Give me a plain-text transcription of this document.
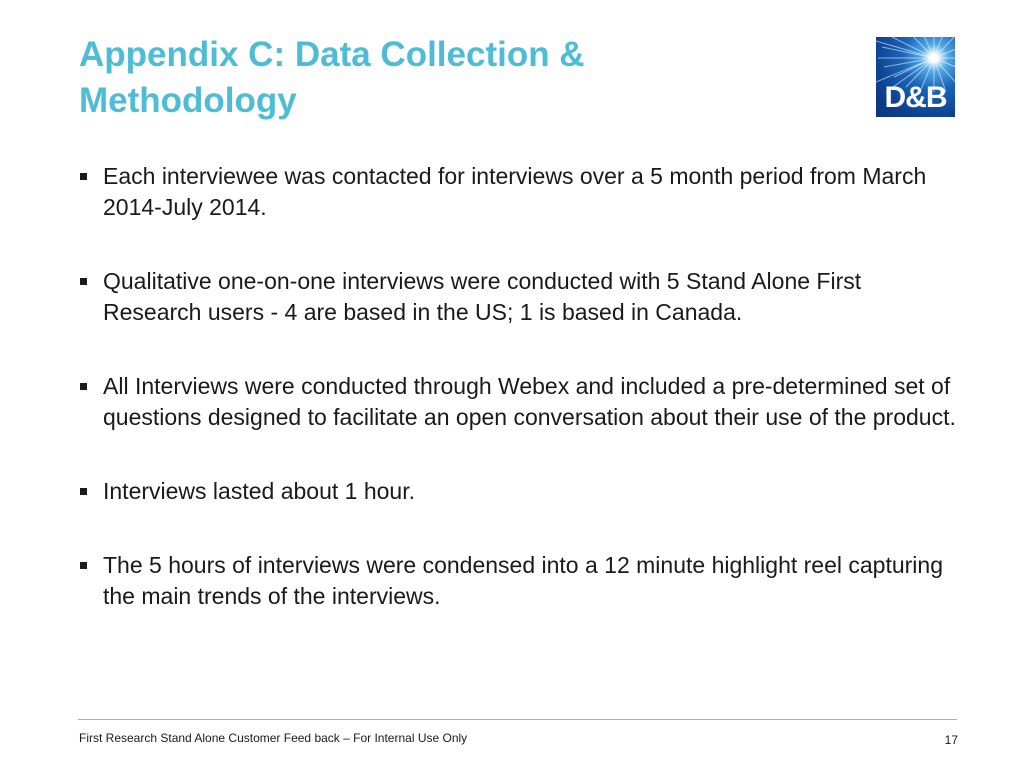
Appendix C: Data Collection & Methodology	D&B
Each interviewee was contacted for interviews over a 5 month period from March 2014-July 2014.
Qualitative one-on-one interviews were conducted with 5 Stand Alone First Research users - 4 are based in the US; 1 is based in Canada.
All Interviews were conducted through Webex and included a pre-determined set of questions designed to facilitate an open conversation about their use of the product.
Interviews lasted about 1 hour.
The 5 hours of interviews were condensed into a 12 minute highlight reel capturing the main trends of the interviews.
First Research Stand Alone Customer Feed back – For Internal Use Only	17
